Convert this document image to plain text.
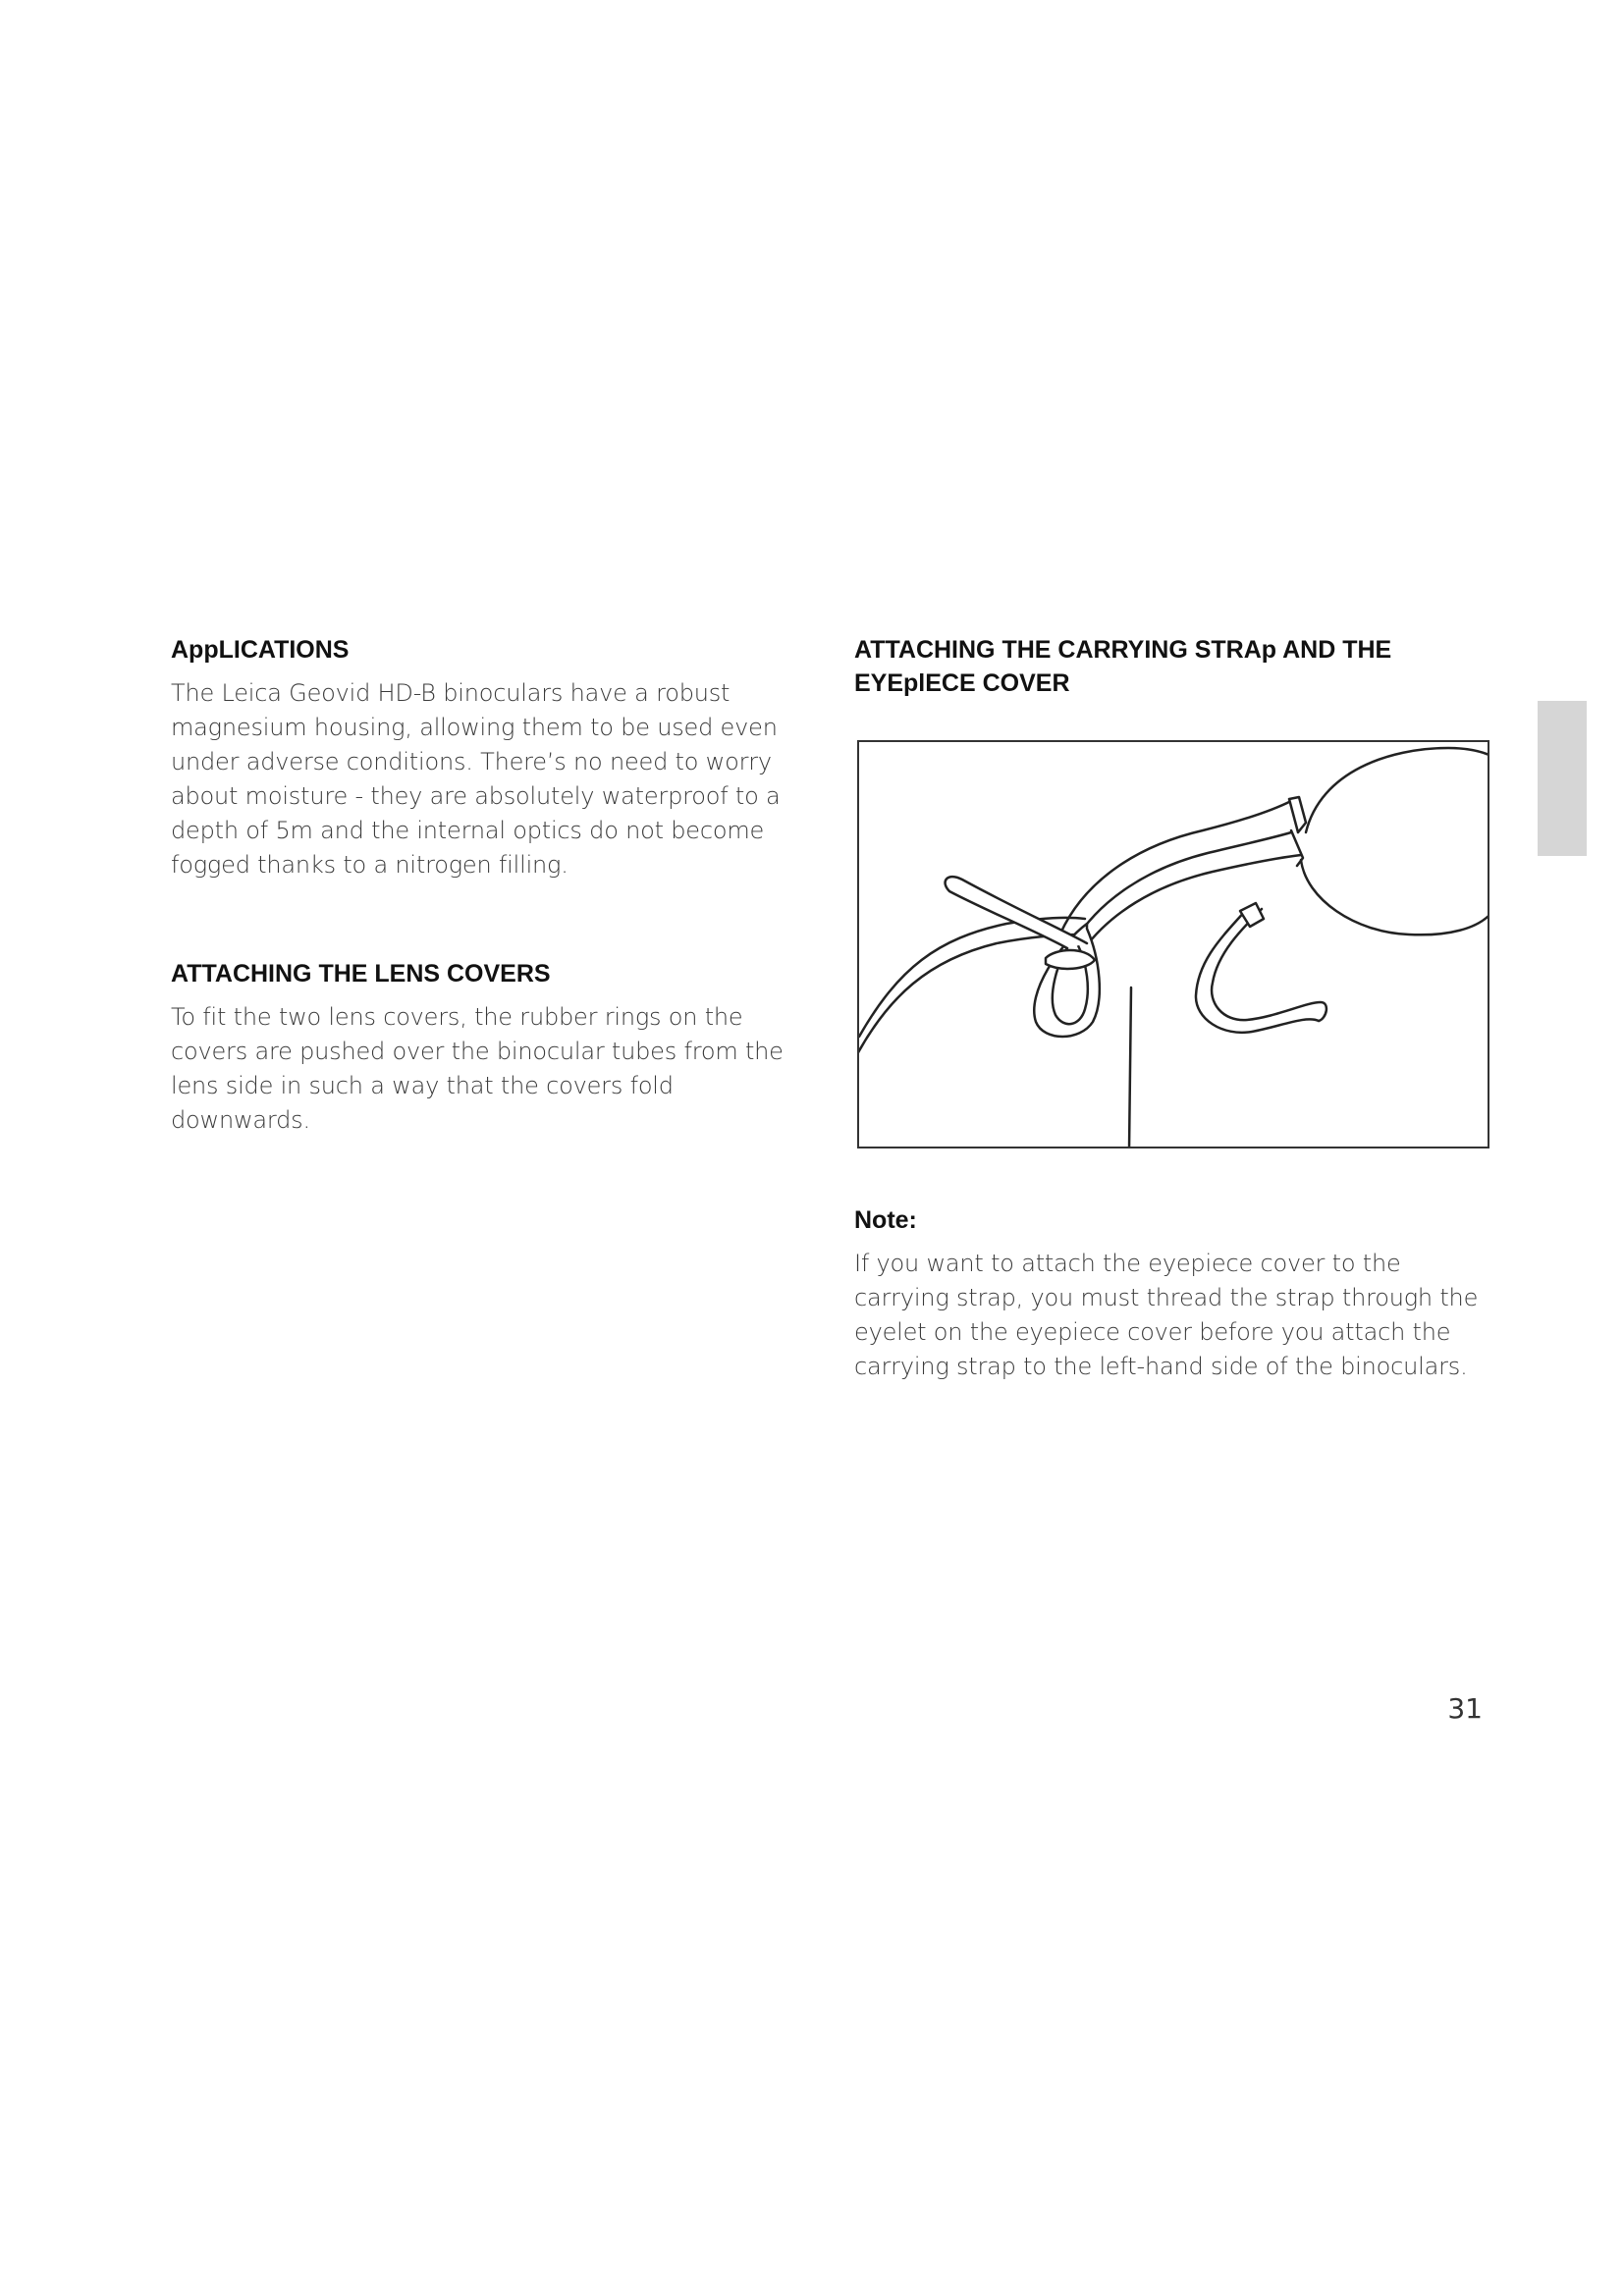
AppLICATIONS

The Leica Geovid HD-B binoculars have a robust magnesium housing, allowing them to be used even under adverse conditions. There’s no need to worry about moisture - they are absolutely waterproof to a depth of 5m and the internal optics do not become fogged thanks to a nitrogen filling.

ATTACHING THE LENS COVERS

To fit the two lens covers, the rubber rings on the covers are pushed over the binocular tubes from the lens side in such a way that the covers fold downwards.

ATTACHING THE CARRYING STRAp AND THE EYEplECE COVER
Note:

If you want to attach the eyepiece cover to the carrying strap, you must thread the strap through the eyelet on the eyepiece cover before you attach the carrying strap to the left-hand side of the binoculars.

31
